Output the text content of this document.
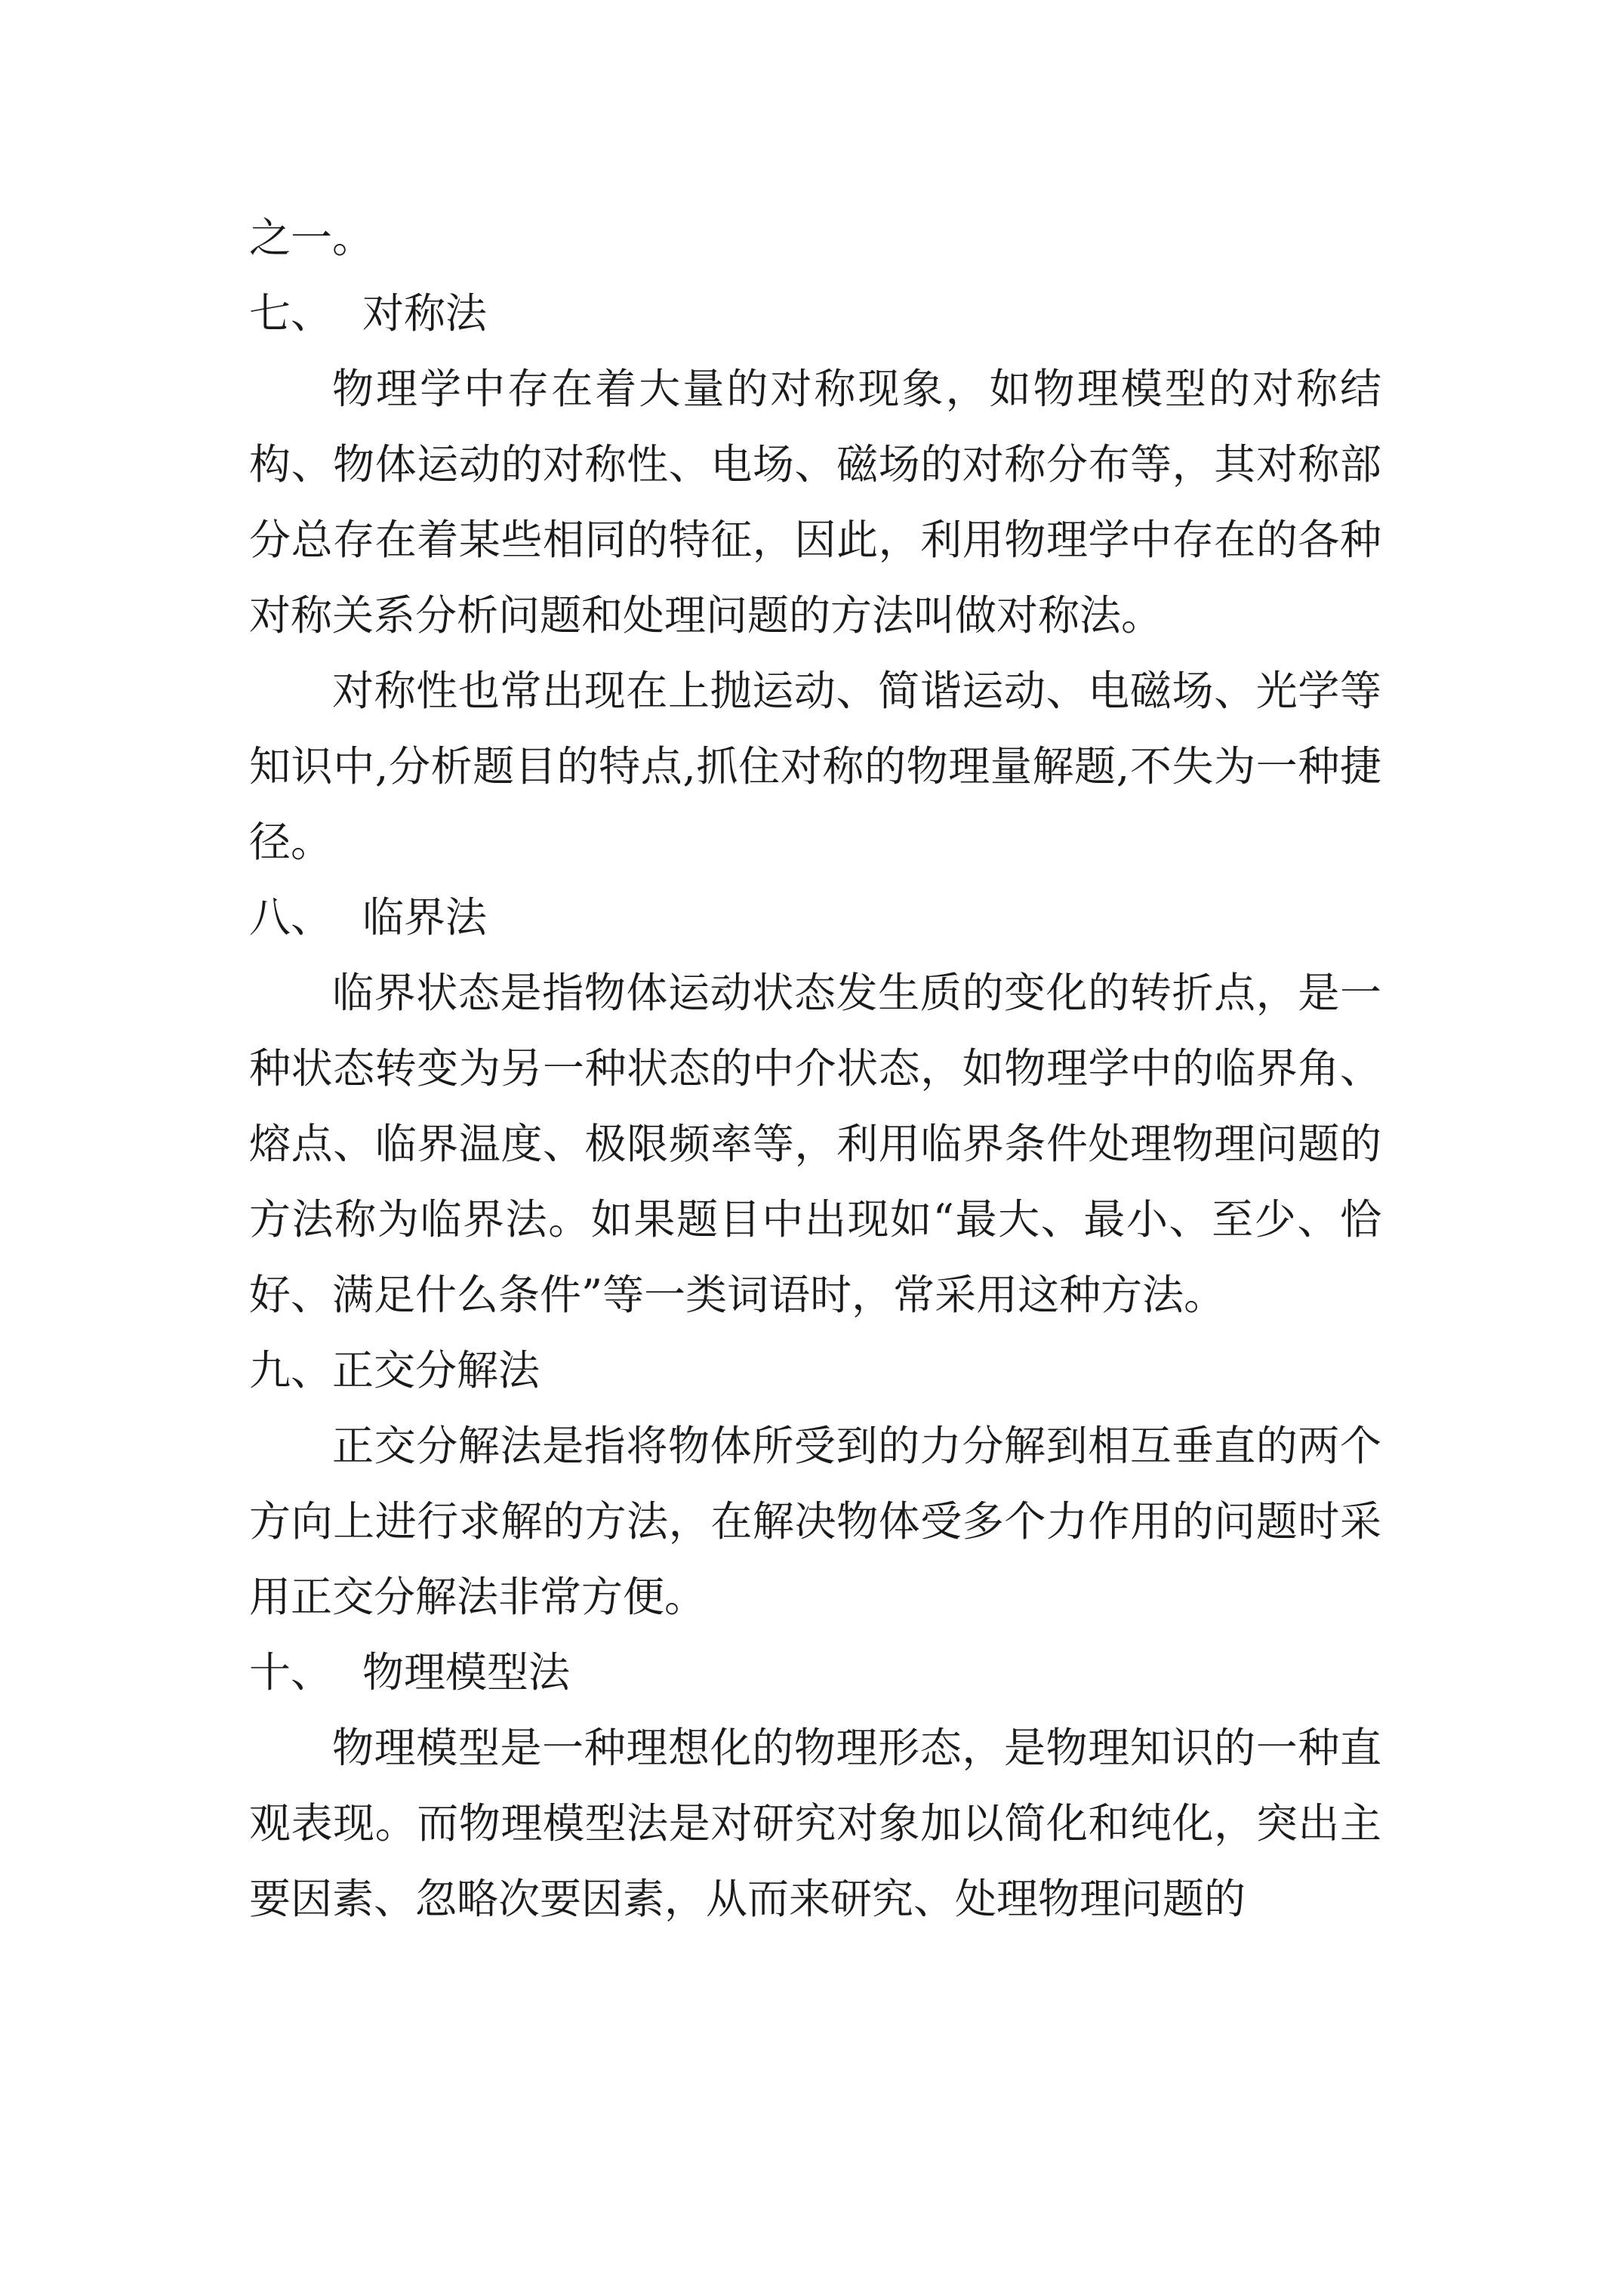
之一。

七、 对称法

物理学中存在着大量的对称现象，如物理模型的对称结构、物体运动的对称性、电场、磁场的对称分布等，其对称部分总存在着某些相同的特征，因此，利用物理学中存在的各种对称关系分析问题和处理问题的方法叫做对称法。

对称性也常出现在上抛运动、简谐运动、电磁场、光学等知识中,分析题目的特点,抓住对称的物理量解题,不失为一种捷径。

八、 临界法

临界状态是指物体运动状态发生质的变化的转折点，是一种状态转变为另一种状态的中介状态，如物理学中的临界角、熔点、临界温度、极限频率等，利用临界条件处理物理问题的方法称为临界法。如果题目中出现如“最大、最小、至少、恰好、满足什么条件”等一类词语时，常采用这种方法。

九、正交分解法

正交分解法是指将物体所受到的力分解到相互垂直的两个方向上进行求解的方法，在解决物体受多个力作用的问题时采用正交分解法非常方便。

十、 物理模型法

物理模型是一种理想化的物理形态，是物理知识的一种直观表现。而物理模型法是对研究对象加以简化和纯化，突出主要因素、忽略次要因素，从而来研究、处理物理问题的
